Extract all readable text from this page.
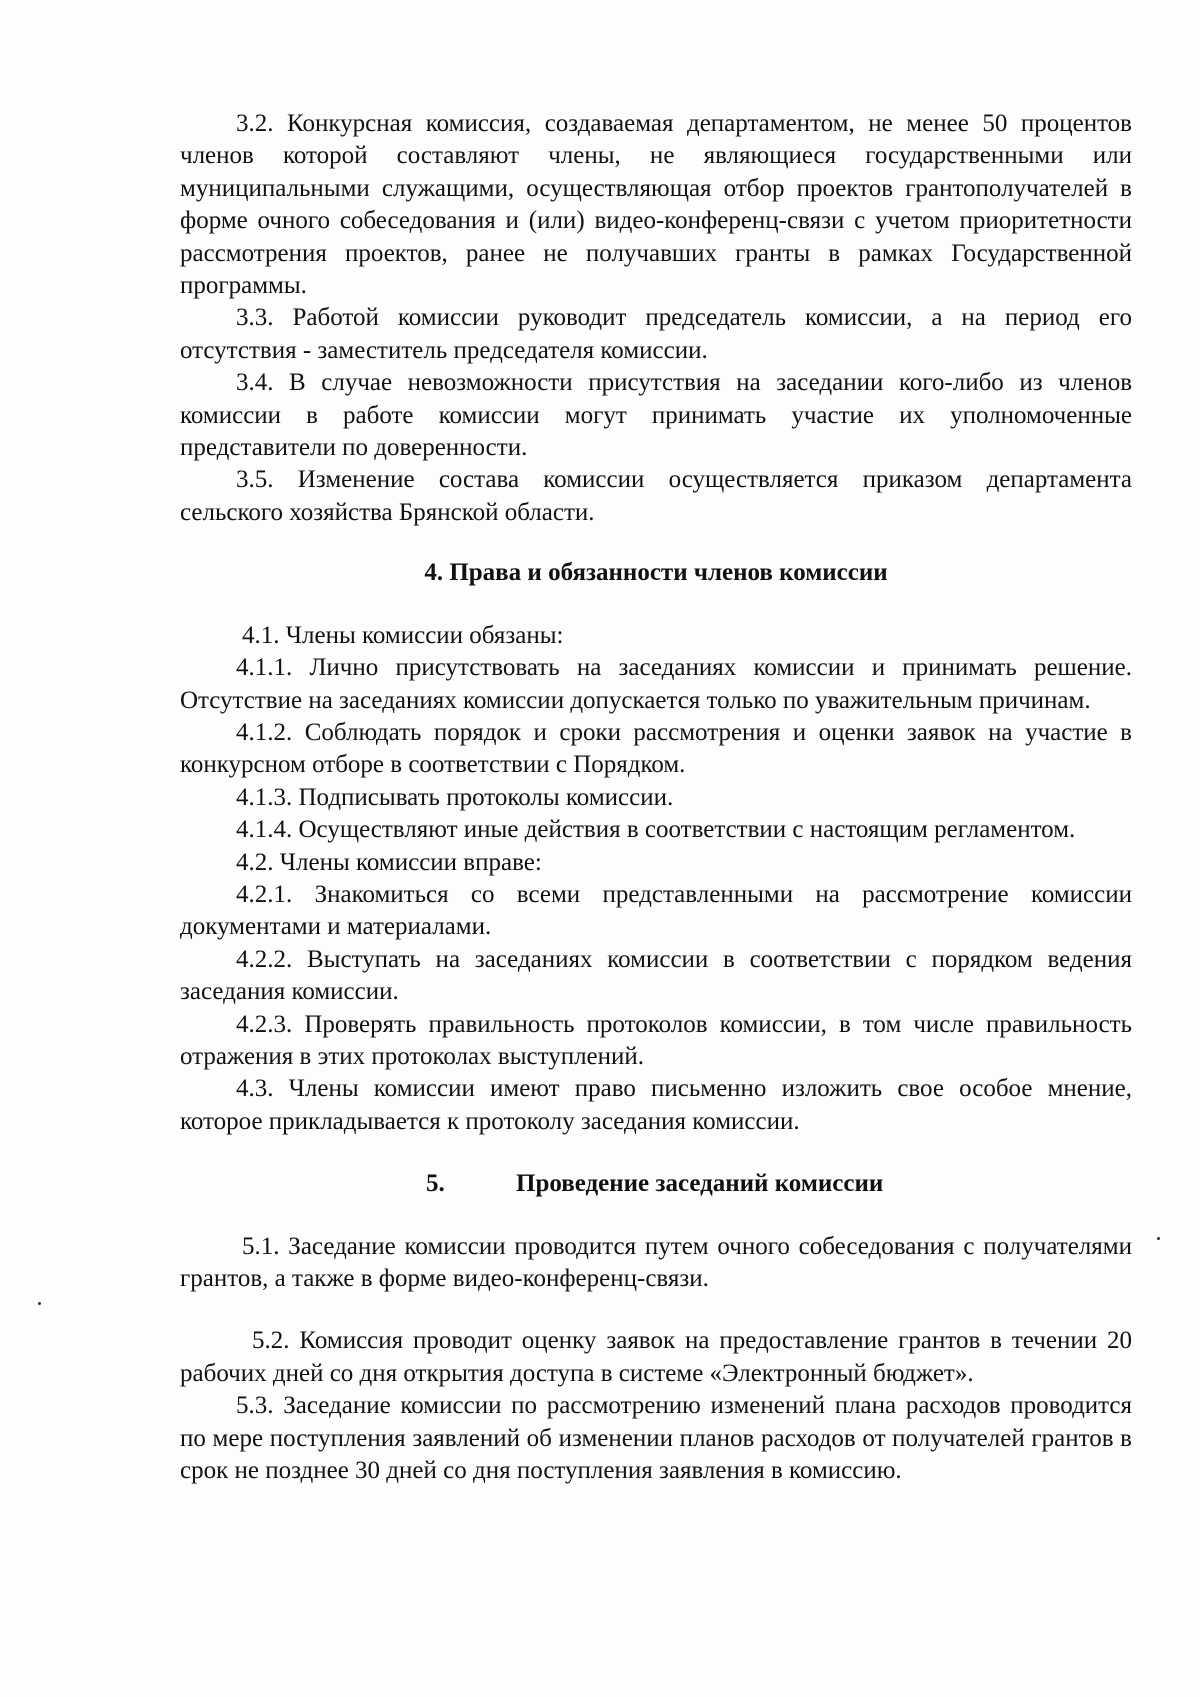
3.2. Конкурсная комиссия, создаваемая департаментом, не менее 50 процентов членов которой составляют члены, не являющиеся государственными или муниципальными служащими, осуществляющая отбор проектов грантополучателей в форме очного собеседования и (или) видео-конференц-связи с учетом приоритетности рассмотрения проектов, ранее не получавших гранты в рамках Государственной программы.

3.3. Работой комиссии руководит председатель комиссии, а на период его отсутствия - заместитель председателя комиссии.

3.4. В случае невозможности присутствия на заседании кого-либо из членов комиссии в работе комиссии могут принимать участие их уполномоченные представители по доверенности.

3.5. Изменение состава комиссии осуществляется приказом департамента сельского хозяйства Брянской области.

4. Права и обязанности членов комиссии

4.1. Члены комиссии обязаны:

4.1.1. Лично присутствовать на заседаниях комиссии и принимать решение. Отсутствие на заседаниях комиссии допускается только по уважительным причинам.

4.1.2. Соблюдать порядок и сроки рассмотрения и оценки заявок на участие в конкурсном отборе в соответствии с Порядком.

4.1.3. Подписывать протоколы комиссии.

4.1.4. Осуществляют иные действия в соответствии с настоящим регламентом.

4.2. Члены комиссии вправе:

4.2.1. Знакомиться со всеми представленными на рассмотрение комиссии документами и материалами.

4.2.2. Выступать на заседаниях комиссии в соответствии с порядком ведения заседания комиссии.

4.2.3. Проверять правильность протоколов комиссии, в том числе правильность отражения в этих протоколах выступлений.

4.3. Члены комиссии имеют право письменно изложить свое особое мнение, которое прикладывается к протоколу заседания комиссии.

5.	Проведение заседаний комиссии

5.1. Заседание комиссии проводится путем очного собеседования с получателями грантов, а также в форме видео-конференц-связи.

5.2. Комиссия проводит оценку заявок на предоставление грантов в течении 20 рабочих дней со дня открытия доступа в системе «Электронный бюджет».

5.3. Заседание комиссии по рассмотрению изменений плана расходов проводится по мере поступления заявлений об изменении планов расходов от получателей грантов в срок не позднее 30 дней со дня поступления заявления в комиссию.
